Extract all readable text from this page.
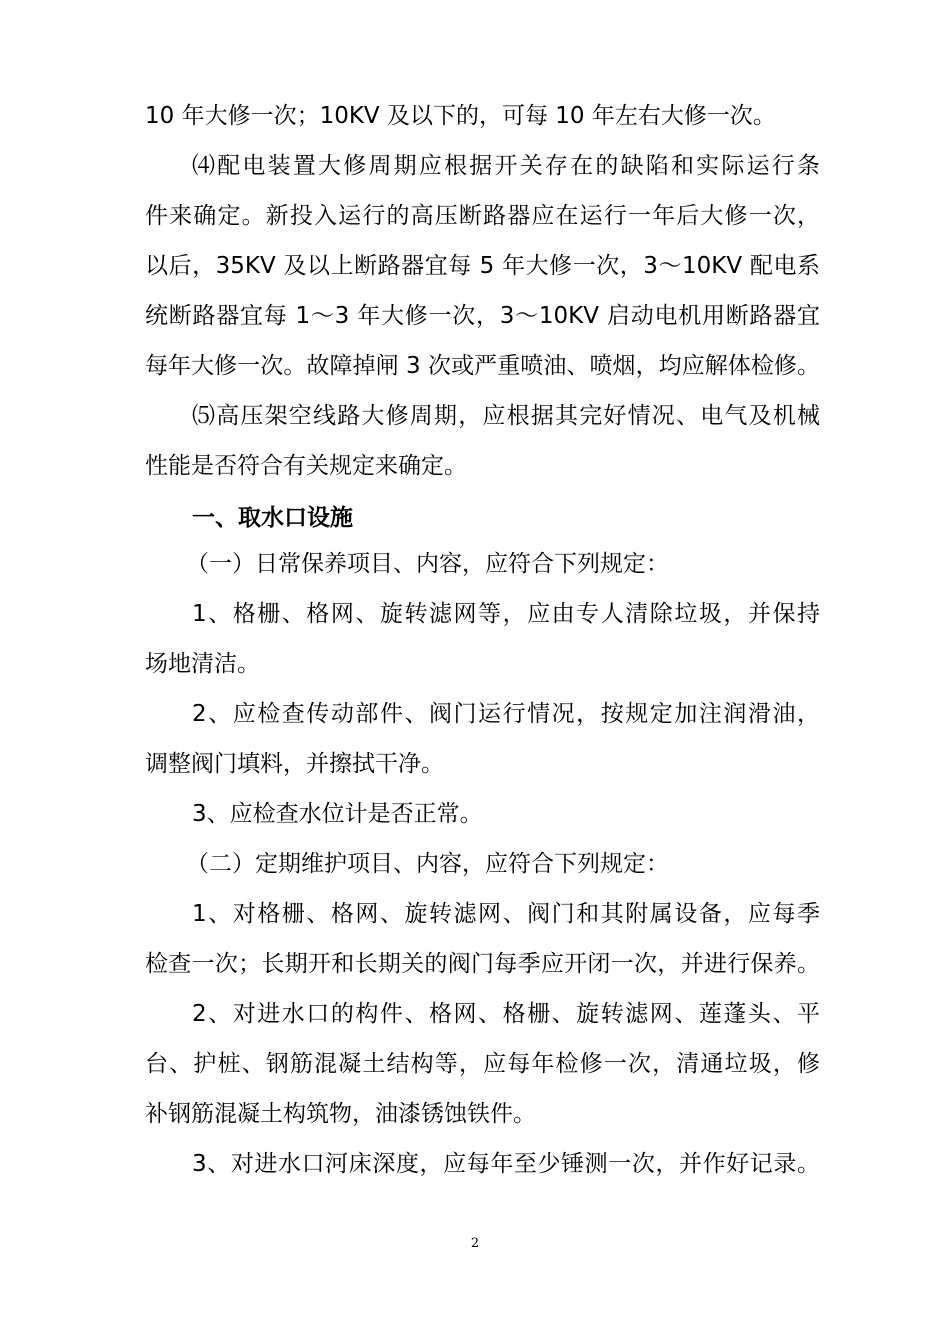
10 年大修一次；10KV 及以下的，可每 10 年左右大修一次。
⑷配电装置大修周期应根据开关存在的缺陷和实际运行条
件来确定。新投入运行的高压断路器应在运行一年后大修一次，
以后，35KV 及以上断路器宜每 5 年大修一次，3～10KV 配电系
统断路器宜每 1～3 年大修一次，3～10KV 启动电机用断路器宜
每年大修一次。故障掉闸 3 次或严重喷油、喷烟，均应解体检修。
⑸高压架空线路大修周期，应根据其完好情况、电气及机械
性能是否符合有关规定来确定。
一、取水口设施
（一）日常保养项目、内容，应符合下列规定：
1、格栅、格网、旋转滤网等，应由专人清除垃圾，并保持
场地清洁。
2、应检查传动部件、阀门运行情况，按规定加注润滑油，
调整阀门填料，并擦拭干净。
3、应检查水位计是否正常。
（二）定期维护项目、内容，应符合下列规定：
1、对格栅、格网、旋转滤网、阀门和其附属设备，应每季
检查一次；长期开和长期关的阀门每季应开闭一次，并进行保养。
2、对进水口的构件、格网、格栅、旋转滤网、莲蓬头、平
台、护桩、钢筋混凝土结构等，应每年检修一次，清通垃圾，修
补钢筋混凝土构筑物，油漆锈蚀铁件。
3、对进水口河床深度，应每年至少锤测一次，并作好记录。
2
